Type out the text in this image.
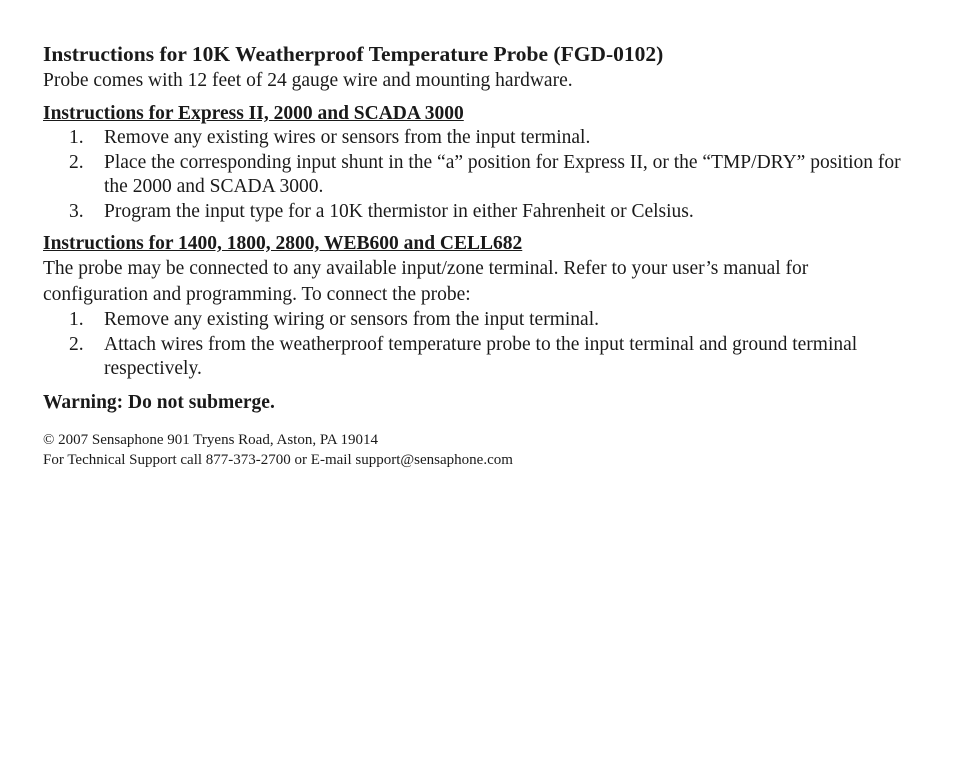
Instructions for 10K Weatherproof Temperature Probe (FGD-0102)

Probe comes with 12 feet of 24 gauge wire and mounting hardware.

Instructions for Express II, 2000 and SCADA 3000
1.	Remove any existing wires or sensors from the input terminal.
2.	Place the corresponding input shunt in the “a” position for Express II, or the “TMP/DRY” position for the 2000 and SCADA 3000.
3.	Program the input type for a 10K thermistor in either Fahrenheit or Celsius.
Instructions for 1400, 1800, 2800, WEB600 and CELL682

The probe may be connected to any available input/zone terminal. Refer to your user’s manual for configuration and programming. To connect the probe:

1.	Remove any existing wiring or sensors from the input terminal.
2.	Attach wires from the weatherproof temperature probe to the input terminal and ground terminal respectively.

Warning: Do not submerge.

© 2007 Sensaphone 901 Tryens Road, Aston, PA 19014

For Technical Support call 877-373-2700 or E-mail support@sensaphone.com
